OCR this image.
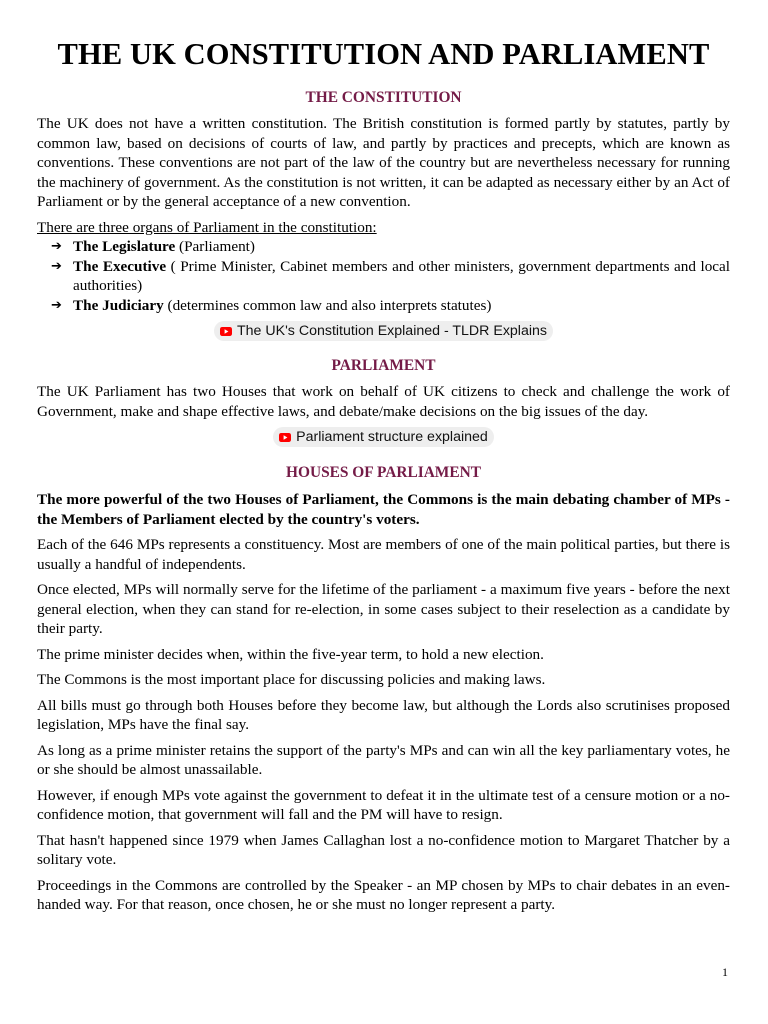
THE UK CONSTITUTION AND PARLIAMENT
THE CONSTITUTION

The UK does not have a written constitution. The British constitution is formed partly by statutes, partly by common law, based on decisions of courts of law, and partly by practices and precepts, which are known as conventions. These conventions are not part of the law of the country but are nevertheless necessary for running the machinery of government. As the constitution is not written, it can be adapted as necessary either by an Act of Parliament or by the general acceptance of a new convention.

There are three organs of Parliament in the constitution:

➔ The Legislature (Parliament)
➔ The Executive ( Prime Minister, Cabinet members and other ministers, government departments and local authorities)
➔ The Judiciary (determines common law and also interprets statutes)
The UK's Constitution Explained - TLDR Explains
PARLIAMENT

The UK Parliament has two Houses that work on behalf of UK citizens to check and challenge the work of Government, make and shape effective laws, and debate/make decisions on the big issues of the day.

Parliament structure explained
HOUSES OF PARLIAMENT

The more powerful of the two Houses of Parliament, the Commons is the main debating chamber of MPs - the Members of Parliament elected by the country's voters.

Each of the 646 MPs represents a constituency. Most are members of one of the main political parties, but there is usually a handful of independents.

Once elected, MPs will normally serve for the lifetime of the parliament - a maximum five years - before the next general election, when they can stand for re-election, in some cases subject to their reselection as a candidate by their party.

The prime minister decides when, within the five-year term, to hold a new election.

The Commons is the most important place for discussing policies and making laws.

All bills must go through both Houses before they become law, but although the Lords also scrutinises proposed legislation, MPs have the final say.

As long as a prime minister retains the support of the party's MPs and can win all the key parliamentary votes, he or she should be almost unassailable.

However, if enough MPs vote against the government to defeat it in the ultimate test of a censure motion or a no-confidence motion, that government will fall and the PM will have to resign.

That hasn't happened since 1979 when James Callaghan lost a no-confidence motion to Margaret Thatcher by a solitary vote.

Proceedings in the Commons are controlled by the Speaker - an MP chosen by MPs to chair debates in an even-handed way. For that reason, once chosen, he or she must no longer represent a party.

1
